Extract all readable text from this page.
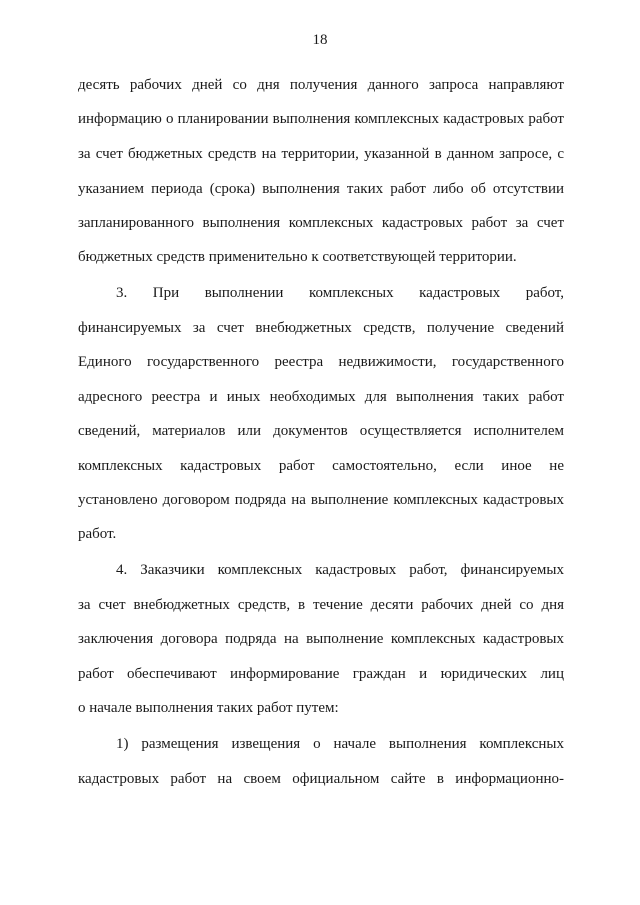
18
десять рабочих дней со дня получения данного запроса направляют
информацию о планировании выполнения комплексных кадастровых работ
за счет бюджетных средств на территории, указанной в данном запросе, с
указанием периода (срока) выполнения таких работ либо об отсутствии
запланированного выполнения комплексных кадастровых работ за счет
бюджетных средств применительно к соответствующей территории.
3. При выполнении комплексных кадастровых работ,
финансируемых за счет внебюджетных средств, получение сведений
Единого государственного реестра недвижимости, государственного
адресного реестра и иных необходимых для выполнения таких работ
сведений, материалов или документов осуществляется исполнителем
комплексных кадастровых работ самостоятельно, если иное не
установлено договором подряда на выполнение комплексных кадастровых
работ.
4. Заказчики комплексных кадастровых работ, финансируемых
за счет внебюджетных средств, в течение десяти рабочих дней со дня
заключения договора подряда на выполнение комплексных кадастровых
работ обеспечивают информирование граждан и юридических лиц
о начале выполнения таких работ путем:
1) размещения извещения о начале выполнения комплексных
кадастровых работ на своем официальном сайте в информационно-
